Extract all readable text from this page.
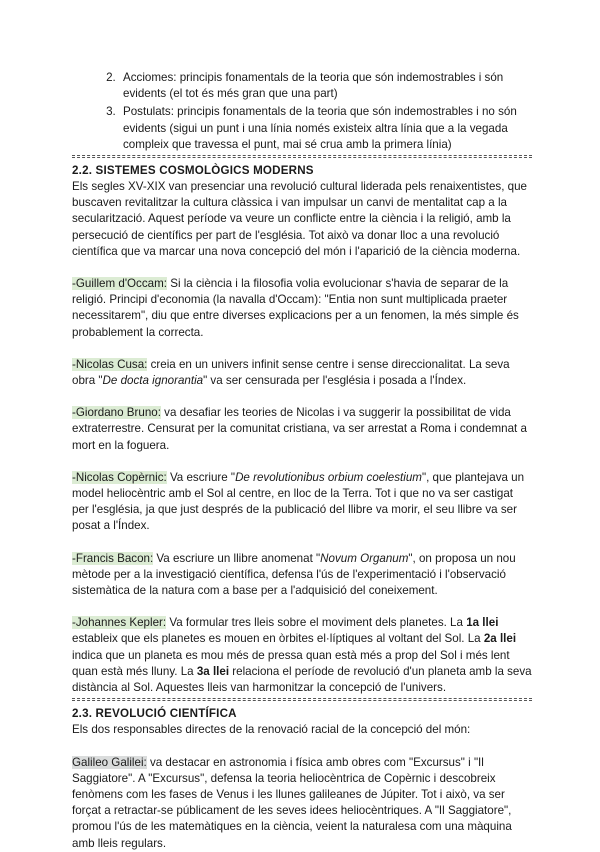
2. Acciomes: principis fonamentals de la teoria que són indemostrables i són evidents (el tot és més gran que una part)
3. Postulats: principis fonamentals de la teoria que són indemostrables i no són evidents (sigui un punt i una línia només existeix altra línia que a la vegada compleix que travessa el punt, mai sé crua amb la primera línia)
2.2. SISTEMES COSMOLÒGICS MODERNS

Els segles XV-XIX van presenciar una revolució cultural liderada pels renaixentistes, que buscaven revitalitzar la cultura clàssica i van impulsar un canvi de mentalitat cap a la secularització. Aquest període va veure un conflicte entre la ciència i la religió, amb la persecució de científics per part de l'església. Tot això va donar lloc a una revolució científica que va marcar una nova concepció del món i l'aparició de la ciència moderna.

-Guillem d'Occam: Si la ciència i la filosofia volia evolucionar s'havia de separar de la religió. Principi d'economia (la navalla d'Occam): "Entia non sunt multiplicada praeter necessitarem", diu que entre diverses explicacions per a un fenomen, la més simple és probablement la correcta.

-Nicolas Cusa: creia en un univers infinit sense centre i sense direccionalitat. La seva obra "De docta ignorantia" va ser censurada per l'església i posada a l'Índex.

-Giordano Bruno: va desafiar les teories de Nicolas i va suggerir la possibilitat de vida extraterrestre. Censurat per la comunitat cristiana, va ser arrestat a Roma i condemnat a mort en la foguera.

-Nicolas Copèrnic: Va escriure "De revolutionibus orbium coelestium", que plantejava un model heliocèntric amb el Sol al centre, en lloc de la Terra. Tot i que no va ser castigat per l'església, ja que just després de la publicació del llibre va morir, el seu llibre va ser posat a l'Índex.

-Francis Bacon: Va escriure un llibre anomenat "Novum Organum", on proposa un nou mètode per a la investigació científica, defensa l'ús de l'experimentació i l'observació sistemàtica de la natura com a base per a l'adquisició del coneixement.

-Johannes Kepler: Va formular tres lleis sobre el moviment dels planetes. La 1a llei estableix que els planetes es mouen en òrbites el·líptiques al voltant del Sol. La 2a llei indica que un planeta es mou més de pressa quan està més a prop del Sol i més lent quan està més lluny. La 3a llei relaciona el període de revolució d'un planeta amb la seva distància al Sol. Aquestes lleis van harmonitzar la concepció de l'univers.

2.3. REVOLUCIÓ CIENTÍFICA

Els dos responsables directes de la renovació racial de la concepció del món:

Galileo Galilei: va destacar en astronomia i física amb obres com "Excursus" i "Il Saggiatore". A "Excursus", defensa la teoria heliocèntrica de Copèrnic i descobreix fenòmens com les fases de Venus i les llunes galileanes de Júpiter. Tot i això, va ser forçat a retractar-se públicament de les seves idees heliocèntriques. A "Il Saggiatore", promou l'ús de les matemàtiques en la ciència, veient la naturalesa com una màquina amb lleis regulars.
